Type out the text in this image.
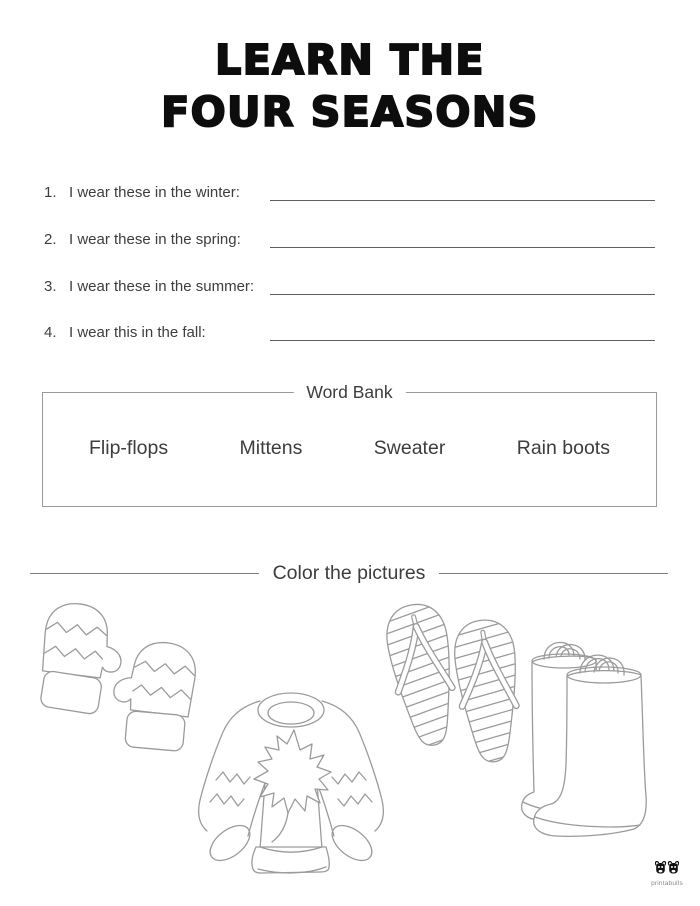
LEARN THE
FOUR SEASONS
1. I wear these in the winter:
2. I wear these in the spring:
3. I wear these in the summer:
4. I wear this in the fall:
Word Bank
Flip-flops	Mittens	Sweater	Rain boots
Color the pictures
printabulls
